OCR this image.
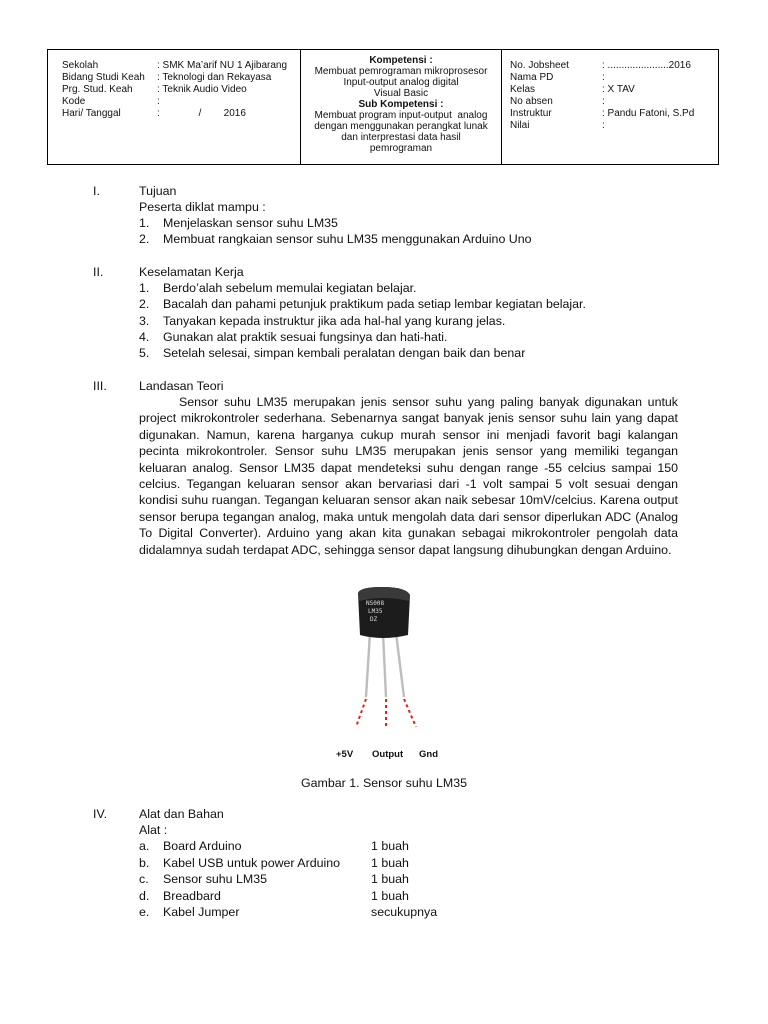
Sekolah	: SMK Ma’arif NU 1 Ajibarang
Bidang Studi Keah	: Teknologi dan Rekayasa
Prg. Stud. Keah	: Teknik Audio Video
Kode	:
Hari/ Tanggal	:              /        2016
Kompetensi :
Membuat pemrograman mikroprosesor
Input-output analog digital
Visual Basic
Sub Kompetensi :
Membuat program input-output  analog
dengan menggunakan perangkat lunak
dan interprestasi data hasil
pemrograman
No. Jobsheet	: ......................2016
Nama PD	:
Kelas	: X TAV
No absen	:
Instruktur	: Pandu Fatoni, S.Pd
Nilai	:
I.	Tujuan
Peserta diklat mampu :
1. Menjelaskan sensor suhu LM35
2. Membuat rangkaian sensor suhu LM35 menggunakan Arduino Uno
II.	Keselamatan Kerja
1. Berdo’alah sebelum memulai kegiatan belajar.
2. Bacalah dan pahami petunjuk praktikum pada setiap lembar kegiatan belajar.
3. Tanyakan kepada instruktur jika ada hal-hal yang kurang jelas.
4. Gunakan alat praktik sesuai fungsinya dan hati-hati.
5. Setelah selesai, simpan kembali peralatan dengan baik dan benar
III.	Landasan Teori
Sensor suhu LM35 merupakan jenis sensor suhu yang paling banyak digunakan untuk project mikrokontroler sederhana. Sebenarnya sangat banyak jenis sensor suhu lain yang dapat digunakan. Namun, karena harganya cukup murah sensor ini menjadi favorit bagi kalangan pecinta mikrokontroler. Sensor suhu LM35 merupakan jenis sensor yang memiliki tegangan keluaran analog. Sensor LM35 dapat mendeteksi suhu dengan range -55 celcius sampai 150 celcius. Tegangan keluaran sensor akan bervariasi dari -1 volt sampai 5 volt sesuai dengan kondisi suhu ruangan. Tegangan keluaran sensor akan naik sebesar 10mV/celcius. Karena output sensor berupa tegangan analog, maka untuk mengolah data dari sensor diperlukan ADC (Analog To Digital Converter). Arduino yang akan kita gunakan sebagai mikrokontroler pengolah data didalamnya sudah terdapat ADC, sehingga sensor dapat langsung dihubungkan dengan Arduino.
NS008
LM35
DZ
+5V Output Gnd
Gambar 1. Sensor suhu LM35
IV.	Alat dan Bahan
Alat :
a. Board Arduino	1 buah
b. Kabel USB untuk power Arduino 1 buah
c. Sensor suhu LM35	1 buah
d. Breadbard	1 buah
e. Kabel Jumper	secukupnya
